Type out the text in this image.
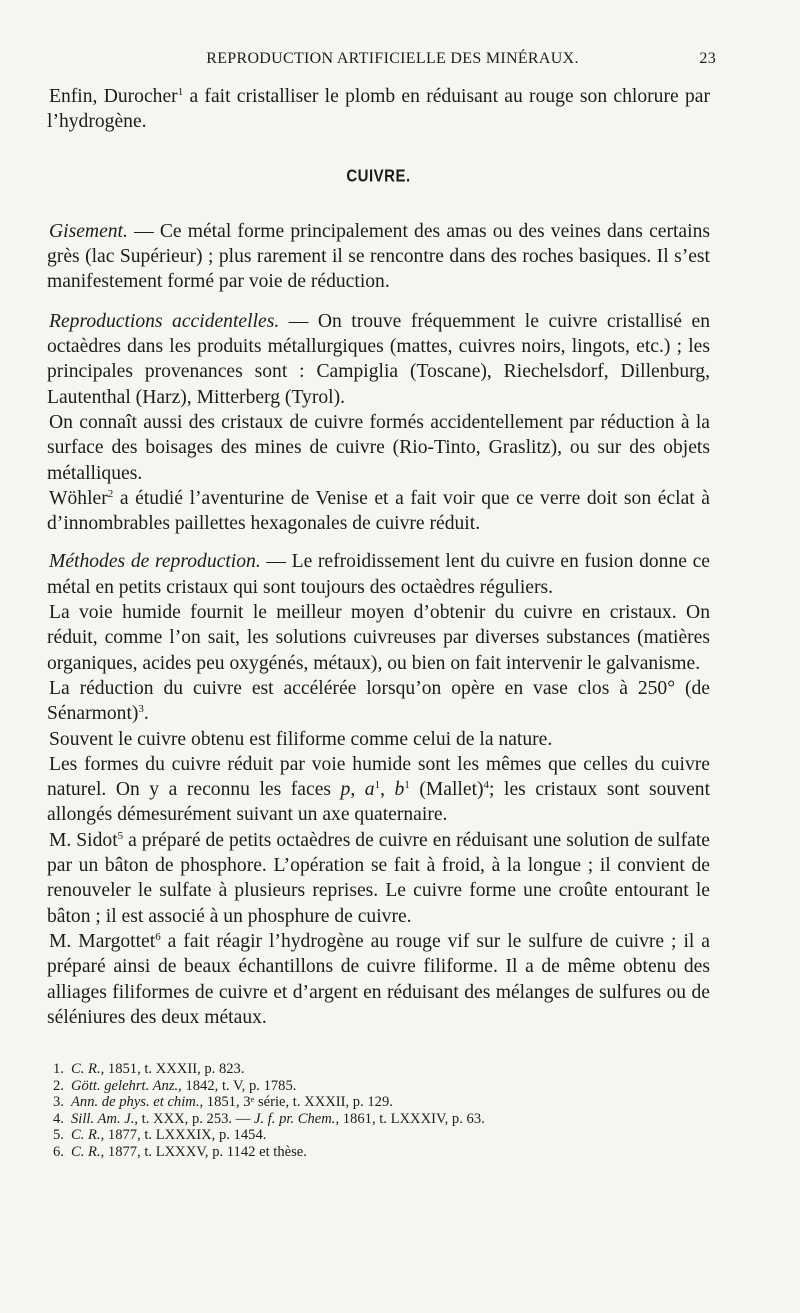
REPRODUCTION ARTIFICIELLE DES MINÉRAUX.	23

Enfin, Durocher$^1$ a fait cristalliser le plomb en réduisant au rouge son chlorure par l’hydrogène.

CUIVRE.

Gisement. — Ce métal forme principalement des amas ou des veines dans certains grès (lac Supérieur) ; plus rarement il se rencontre dans des roches basiques. Il s’est manifestement formé par voie de réduction.

Reproductions accidentelles. — On trouve fréquemment le cuivre cristallisé en octaèdres dans les produits métallurgiques (mattes, cuivres noirs, lingots, etc.) ; les principales provenances sont : Campiglia (Toscane), Riechelsdorf, Dillenburg, Lautenthal (Harz), Mitterberg (Tyrol).

On connaît aussi des cristaux de cuivre formés accidentellement par réduction à la surface des boisages des mines de cuivre (Rio-Tinto, Graslitz), ou sur des objets métalliques.

Wöhler$^2$ a étudié l’aventurine de Venise et a fait voir que ce verre doit son éclat à d’innombrables paillettes hexagonales de cuivre réduit.

Méthodes de reproduction. — Le refroidissement lent du cuivre en fusion donne ce métal en petits cristaux qui sont toujours des octaèdres réguliers.

La voie humide fournit le meilleur moyen d’obtenir du cuivre en cristaux. On réduit, comme l’on sait, les solutions cuivreuses par diverses substances (matières organiques, acides peu oxygénés, métaux), ou bien on fait intervenir le galvanisme.

La réduction du cuivre est accélérée lorsqu’on opère en vase clos à 250° (de Sénarmont)$^3$.

Souvent le cuivre obtenu est filiforme comme celui de la nature.

Les formes du cuivre réduit par voie humide sont les mêmes que celles du cuivre naturel. On y a reconnu les faces p, $a^1$, $b^1$ (Mallet)$^4$; les cristaux sont souvent allongés démesurément suivant un axe quaternaire.

M. Sidot$^5$ a préparé de petits octaèdres de cuivre en réduisant une solution de sulfate par un bâton de phosphore. L’opération se fait à froid, à la longue ; il convient de renouveler le sulfate à plusieurs reprises. Le cuivre forme une croûte entourant le bâton ; il est associé à un phosphure de cuivre.

M. Margottet$^6$ a fait réagir l’hydrogène au rouge vif sur le sulfure de cuivre ; il a préparé ainsi de beaux échantillons de cuivre filiforme. Il a de même obtenu des alliages filiformes de cuivre et d’argent en réduisant des mélanges de sulfures ou de séléniures des deux métaux.

1. C. R., 1851, t. XXXII, p. 823.
2. Gött. gelehrt. Anz., 1842, t. V, p. 1785.
3. Ann. de phys. et chim., 1851, 3ᵉ série, t. XXXII, p. 129.
4. Sill. Am. J., t. XXX, p. 253. — J. f. pr. Chem., 1861, t. LXXXIV, p. 63.
5. C. R., 1877, t. LXXXIX, p. 1454.
6. C. R., 1877, t. LXXXV, p. 1142 et thèse.
